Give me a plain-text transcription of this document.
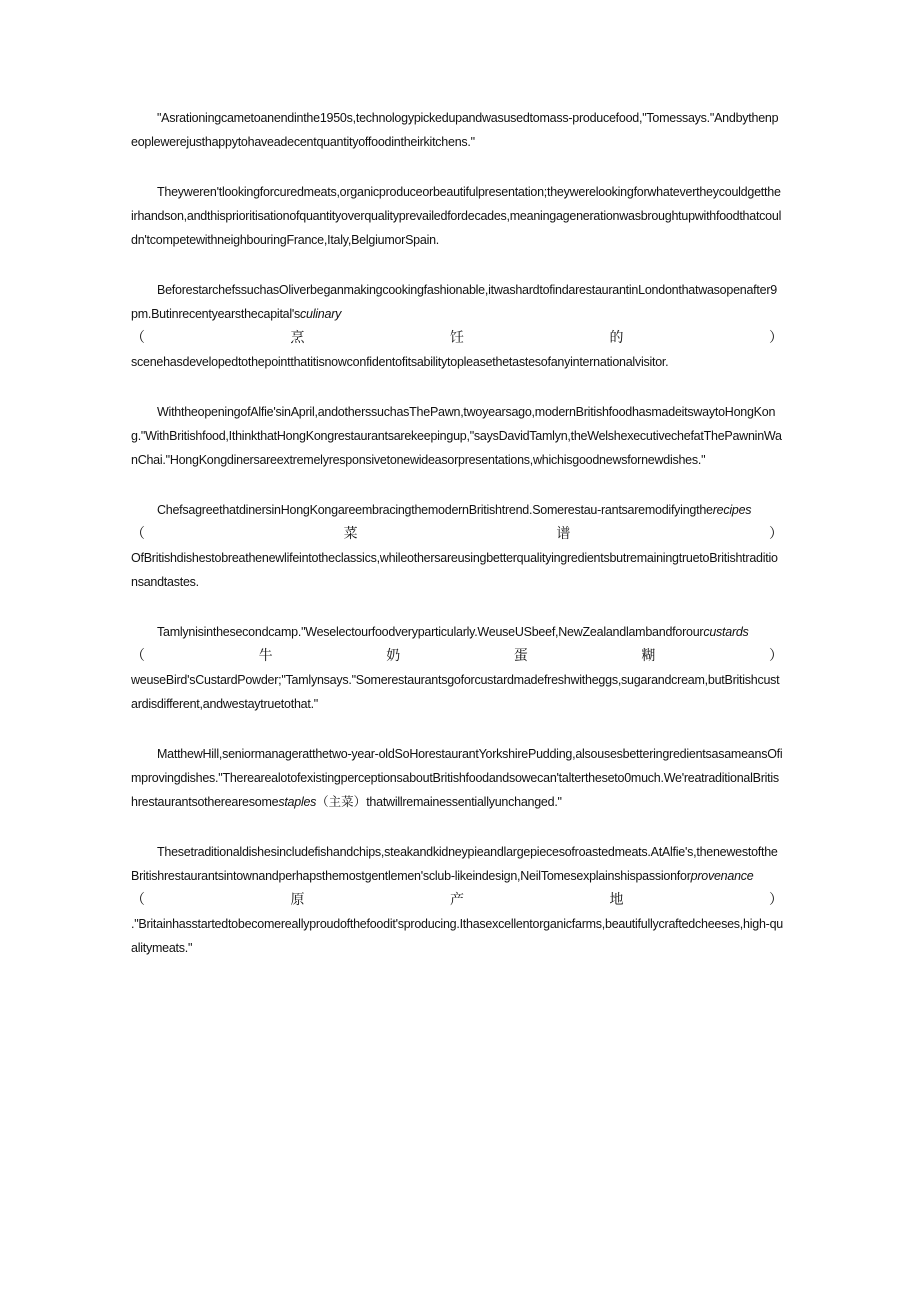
"Asrationingcametoanendinthe1950s,technologypickedupandwasusedtomass-producefood,"Tomessays."Andbythenpeoplewerejusthappytohaveadecentquantityoffoodintheirkitchens."

Theyweren'tlookingforcuredmeats,organicproduceorbeautifulpresentation;theywerelookingforwhatevertheycouldgettheirhandson,andthisprioritisationofquantityoverqualityprevailedfordecades,meaningagenerationwasbroughtupwithfoodthatcouldn'tcompetewithneighbouringFrance,Italy,BelgiumorSpain.

BeforestarchefssuchasOliverbeganmakingcookingfashionable,itwashardtofindarestaurantinLondonthatwasopenafter9pm.Butinrecentyearsthecapital'sculinary
（	烹	饪	的	）
scenehasdevelopedtothepointthatitisnowconfidentofitsabilitytopleasethetastesofanyinternationalvisitor.

WiththeopeningofAlfie'sinApril,andotherssuchasThePawn,twoyearsago,modernBritishfoodhasmadeitswaytoHongKong."WithBritishfood,IthinkthatHongKongrestaurantsarekeepingup,"saysDavidTamlyn,theWelshexecutivechefatThePawninWanChai."HongKongdinersareextremelyresponsivetonewideasorpresentations,whichisgoodnewsfornewdishes."

ChefsagreethatdinersinHongKongareembracingthemodernBritishtrend.Somerestau-rantsaremodifyingtherecipes
（	菜	谱	）
OfBritishdishestobreathenewlifeintotheclassics,whileothersareusingbetterqualityingredientsbutremainingtruetoBritishtraditionsandtastes.

Tamlynisinthesecondcamp."Weselectourfoodveryparticularly.WeuseUSbeef,NewZealandlambandforourcustards
（	牛	奶	蛋	糊	）
weuseBird'sCustardPowder;"Tamlynsays."Somerestaurantsgoforcustardmadefreshwitheggs,sugarandcream,butBritishcustardisdifferent,andwestaytruetothat."

MatthewHill,seniormanageratthetwo-year-oldSoHorestaurantYorkshirePudding,alsousesbetteringredientsasameansOfimprovingdishes."TherearealotofexistingperceptionsaboutBritishfoodandsowecan'taltertheseto0much.We'reatraditionalBritishrestaurantsotherearesomestaples（主菜）thatwillremainessentiallyunchanged."

Thesetraditionaldishesincludefishandchips,steakandkidneypieandlargepiecesofroastedmeats.AtAlfie's,thenewestoftheBritishrestaurantsintownandperhapsthemostgentlemen'sclub-likeindesign,NeilTomesexplainshispassionforprovenance
（	原	产	地	）
."Britainhasstartedtobecomereallyproudofthefoodit'sproducing.Ithasexcellentorganicfarms,beautifullycraftedcheeses,high-qualitymeats."
